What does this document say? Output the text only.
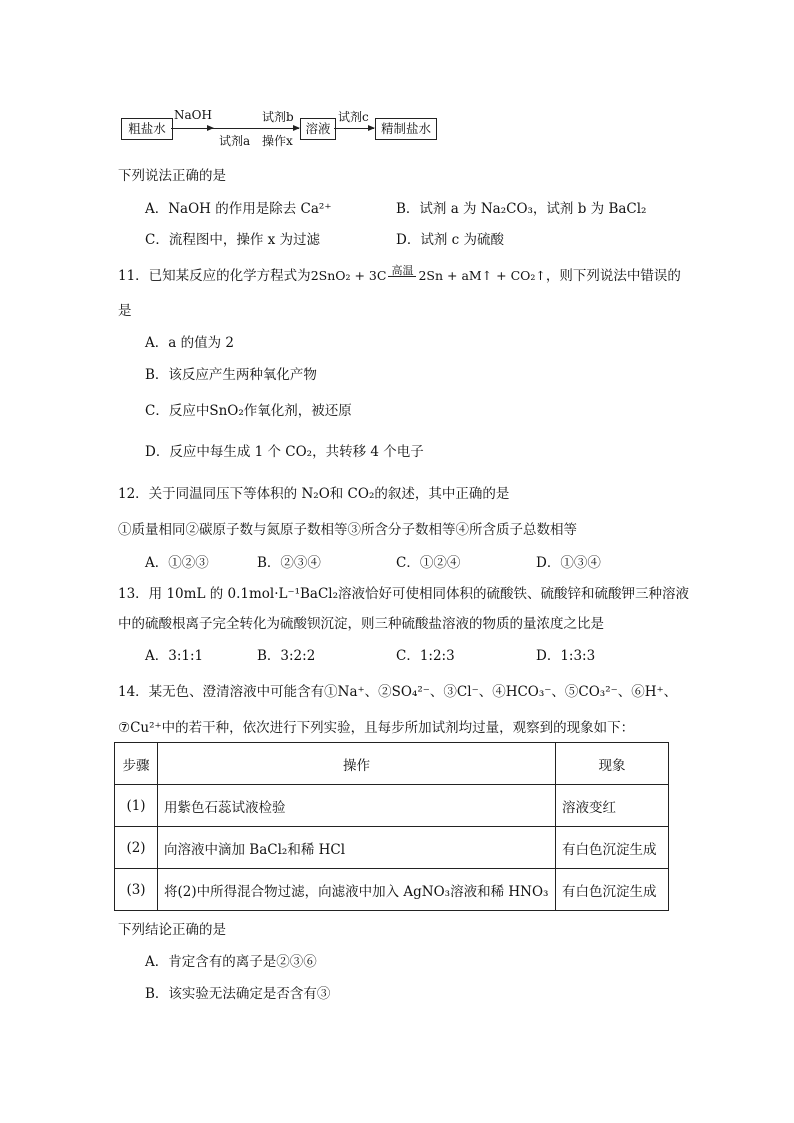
粗盐水
NaOH
试剂a
试剂b
操作x
溶液
试剂c
精制盐水
下列说法正确的是
A．NaOH 的作用是除去 Ca²⁺	B．试剂 a 为 Na₂CO₃，试剂 b 为 BaCl₂
C．流程图中，操作 x 为过滤	D．试剂 c 为硫酸
11．已知某反应的化学方程式为2SnO₂ + 3C 高温 2Sn + aM↑ + CO₂↑，则下列说法中错误的
是
A．a 的值为 2
B．该反应产生两种氧化产物
C．反应中SnO₂作氧化剂，被还原
D．反应中每生成 1 个 CO₂，共转移 4 个电子
12．关于同温同压下等体积的 N₂O和 CO₂的叙述，其中正确的是
①质量相同②碳原子数与氮原子数相等③所含分子数相等④所含质子总数相等
A．①②③	B．②③④	C．①②④	D．①③④
13．用 10mL 的 0.1mol·L⁻¹BaCl₂溶液恰好可使相同体积的硫酸铁、硫酸锌和硫酸钾三种溶液
中的硫酸根离子完全转化为硫酸钡沉淀，则三种硫酸盐溶液的物质的量浓度之比是
A．3:1:1	B．3:2:2	C．1:2:3	D．1:3:3
14．某无色、澄清溶液中可能含有①Na⁺、②SO₄²⁻、③Cl⁻、④HCO₃⁻、⑤CO₃²⁻、⑥H⁺、
⑦Cu²⁺中的若干种，依次进行下列实验，且每步所加试剂均过量，观察到的现象如下：
步骤	操作	现象
(1)	用紫色石蕊试液检验	溶液变红
(2)	向溶液中滴加 BaCl₂和稀 HCl	有白色沉淀生成
(3)	将(2)中所得混合物过滤，向滤液中加入 AgNO₃溶液和稀 HNO₃	有白色沉淀生成
下列结论正确的是
A．肯定含有的离子是②③⑥
B．该实验无法确定是否含有③
